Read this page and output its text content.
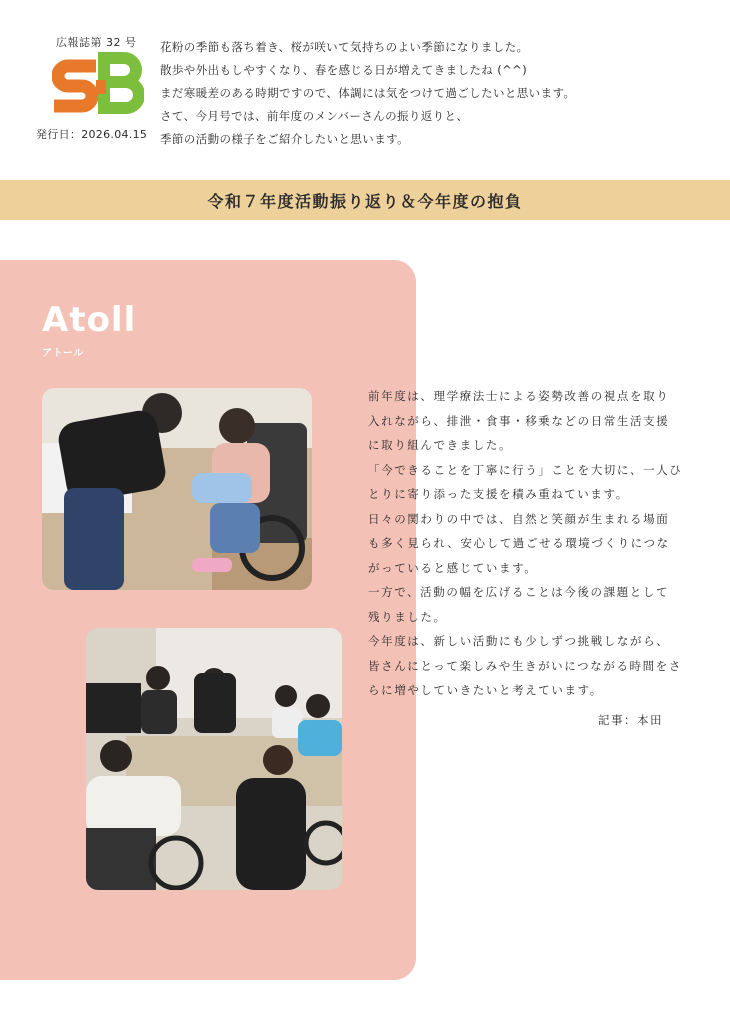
広報誌第 32 号
発行日：2026.04.15
花粉の季節も落ち着き、桜が咲いて気持ちのよい季節になりました。
散歩や外出もしやすくなり、春を感じる日が増えてきましたね (^^)
まだ寒暖差のある時期ですので、体調には気をつけて過ごしたいと思います。
さて、今月号では、前年度のメンバーさんの振り返りと、
季節の活動の様子をご紹介したいと思います。
令和７年度活動振り返り＆今年度の抱負
Atoll
アトール
前年度は、理学療法士による姿勢改善の視点を取り
入れながら、排泄・食事・移乗などの日常生活支援
に取り組んできました。
「今できることを丁寧に行う」ことを大切に、一人ひ
とりに寄り添った支援を積み重ねています。
日々の関わりの中では、自然と笑顔が生まれる場面
も多く見られ、安心して過ごせる環境づくりにつな
がっていると感じています。
一方で、活動の幅を広げることは今後の課題として
残りました。
今年度は、新しい活動にも少しずつ挑戦しながら、
皆さんにとって楽しみや生きがいにつながる時間をさ
らに増やしていきたいと考えています。
記事：本田
